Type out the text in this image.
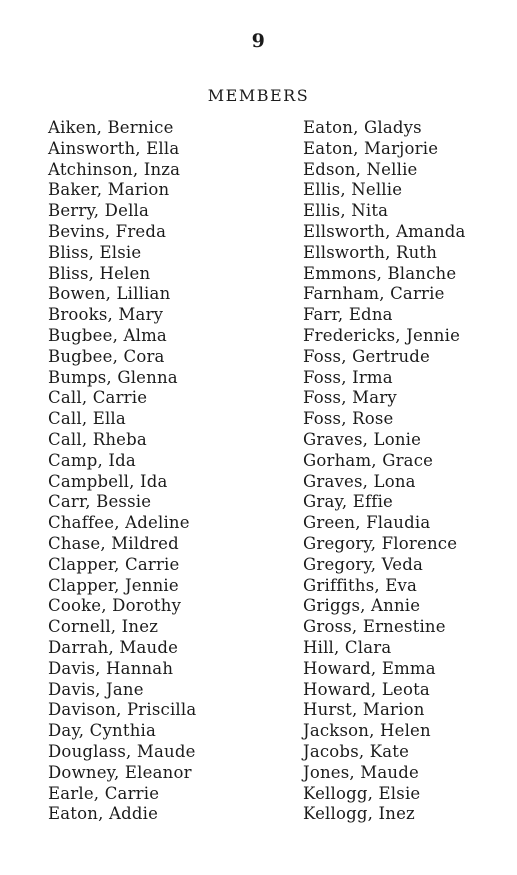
9
MEMBERS
Aiken, Bernice
Ainsworth, Ella
Atchinson, Inza
Baker, Marion
Berry, Della
Bevins, Freda
Bliss, Elsie
Bliss, Helen
Bowen, Lillian
Brooks, Mary
Bugbee, Alma
Bugbee, Cora
Bumps, Glenna
Call, Carrie
Call, Ella
Call, Rheba
Camp, Ida
Campbell, Ida
Carr, Bessie
Chaffee, Adeline
Chase, Mildred
Clapper, Carrie
Clapper, Jennie
Cooke, Dorothy
Cornell, Inez
Darrah, Maude
Davis, Hannah
Davis, Jane
Davison, Priscilla
Day, Cynthia
Douglass, Maude
Downey, Eleanor
Earle, Carrie
Eaton, Addie
Eaton, Gladys
Eaton, Marjorie
Edson, Nellie
Ellis, Nellie
Ellis, Nita
Ellsworth, Amanda
Ellsworth, Ruth
Emmons, Blanche
Farnham, Carrie
Farr, Edna
Fredericks, Jennie
Foss, Gertrude
Foss, Irma
Foss, Mary
Foss, Rose
Graves, Lonie
Gorham, Grace
Graves, Lona
Gray, Effie
Green, Flaudia
Gregory, Florence
Gregory, Veda
Griffiths, Eva
Griggs, Annie
Gross, Ernestine
Hill, Clara
Howard, Emma
Howard, Leota
Hurst, Marion
Jackson, Helen
Jacobs, Kate
Jones, Maude
Kellogg, Elsie
Kellogg, Inez
